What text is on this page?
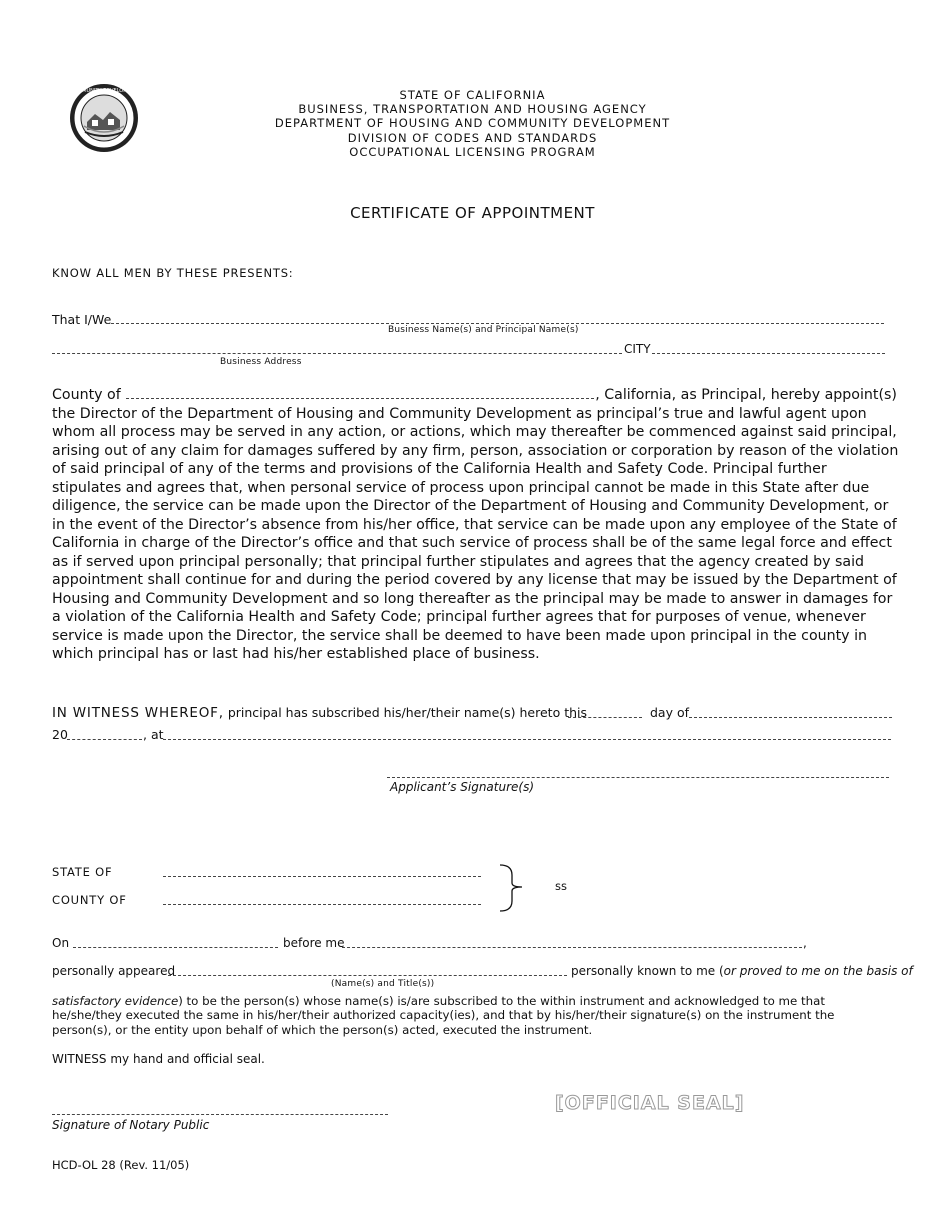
HOUSING AND COMMUNITY DEVELOPMENT · CALIFORNIA	STATE OF CALIFORNIA
BUSINESS, TRANSPORTATION AND HOUSING AGENCY
DEPARTMENT OF HOUSING AND COMMUNITY DEVELOPMENT
DIVISION OF CODES AND STANDARDS
OCCUPATIONAL LICENSING PROGRAM
CERTIFICATE OF APPOINTMENT
KNOW ALL MEN BY THESE PRESENTS:
That I/We
Business Name(s) and Principal Name(s)
CITY
Business Address
County of	, California, as Principal, hereby appoint(s) the Director of the Department of Housing and Community Development as principal’s true and lawful agent upon whom all process may be served in any action, or actions, which may thereafter be commenced against said principal, arising out of any claim for damages suffered by any firm, person, association or corporation by reason of the violation of said principal of any of the terms and provisions of the California Health and Safety Code. Principal further stipulates and agrees that, when personal service of process upon principal cannot be made in this State after due diligence, the service can be made upon the Director of the Department of Housing and Community Development, or in the event of the Director’s absence from his/her office, that service can be made upon any employee of the State of California in charge of the Director’s office and that such service of process shall be of the same legal force and effect as if served upon principal personally; that principal further stipulates and agrees that the agency created by said appointment shall continue for and during the period covered by any license that may be issued by the Department of Housing and Community Development and so long thereafter as the principal may be made to answer in damages for a violation of the California Health and Safety Code; principal further agrees that for purposes of venue, whenever service is made upon the Director, the service shall be deemed to have been made upon principal in the county in which principal has or last had his/her established place of business.
IN WITNESS WHEREOF, principal has subscribed his/her/their name(s) hereto this	day of
20	, at
Applicant’s Signature(s)
STATE OF
COUNTY OF
ss
On	before me	,
personally appeared	personally known to me (or proved to me on the basis of
(Name(s) and Title(s))
satisfactory evidence) to be the person(s) whose name(s) is/are subscribed to the within instrument and acknowledged to me that he/she/they executed the same in his/her/their authorized capacity(ies), and that by his/her/their signature(s) on the instrument the person(s), or the entity upon behalf of which the person(s) acted, executed the instrument.
WITNESS my hand and official seal.
[OFFICIAL SEAL]
Signature of Notary Public
HCD-OL 28 (Rev. 11/05)
